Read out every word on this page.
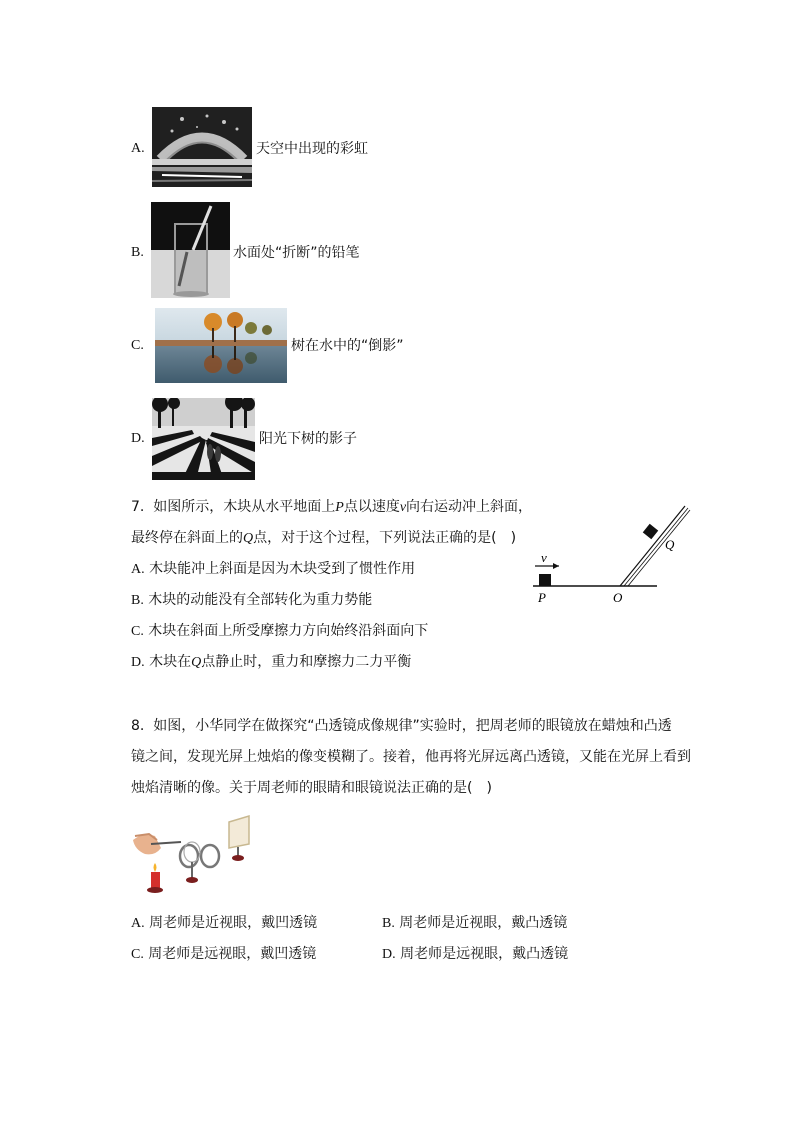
A.	天空中出现的彩虹
B.	水面处“折断”的铅笔
C.	树在水中的“倒影”
D.	阳光下树的影子
7. 如图所示，木块从水平地面上P点以速度v向右运动冲上斜面，
最终停在斜面上的Q点，对于这个过程，下列说法正确的是(　)
A. 木块能冲上斜面是因为木块受到了惯性作用
B. 木块的动能没有全部转化为重力势能
C. 木块在斜面上所受摩擦力方向始终沿斜面向下
D. 木块在Q点静止时，重力和摩擦力二力平衡
v
P	O
Q
8. 如图，小华同学在做探究“凸透镜成像规律”实验时，把周老师的眼镜放在蜡烛和凸透
镜之间，发现光屏上烛焰的像变模糊了。接着，他再将光屏远离凸透镜，又能在光屏上看到
烛焰清晰的像。关于周老师的眼睛和眼镜说法正确的是(　)
A. 周老师是近视眼，戴凹透镜	B. 周老师是近视眼，戴凸透镜
C. 周老师是远视眼，戴凹透镜	D. 周老师是远视眼，戴凸透镜
